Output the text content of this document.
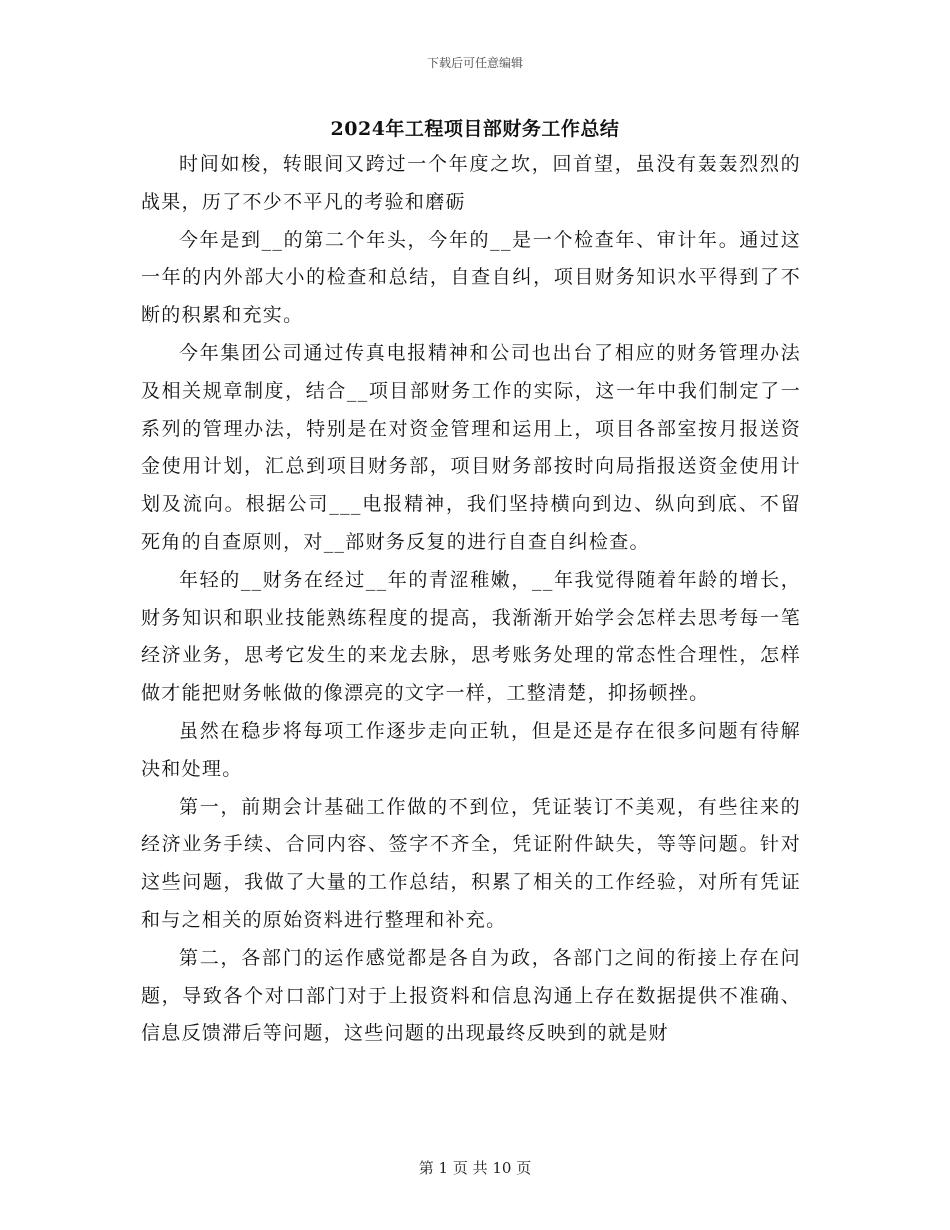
下载后可任意编辑
2024年工程项目部财务工作总结

时间如梭，转眼间又跨过一个年度之坎，回首望，虽没有轰轰烈烈的战果，历了不少不平凡的考验和磨砺

今年是到__的第二个年头，今年的__是一个检查年、审计年。通过这一年的内外部大小的检查和总结，自查自纠，项目财务知识水平得到了不断的积累和充实。

今年集团公司通过传真电报精神和公司也出台了相应的财务管理办法及相关规章制度，结合__项目部财务工作的实际，这一年中我们制定了一系列的管理办法，特别是在对资金管理和运用上，项目各部室按月报送资金使用计划，汇总到项目财务部，项目财务部按时向局指报送资金使用计划及流向。根据公司___电报精神，我们坚持横向到边、纵向到底、不留死角的自查原则，对__部财务反复的进行自查自纠检查。

年轻的__财务在经过__年的青涩稚嫩，__年我觉得随着年龄的增长，财务知识和职业技能熟练程度的提高，我渐渐开始学会怎样去思考每一笔经济业务，思考它发生的来龙去脉，思考账务处理的常态性合理性，怎样做才能把财务帐做的像漂亮的文字一样，工整清楚，抑扬顿挫。

虽然在稳步将每项工作逐步走向正轨，但是还是存在很多问题有待解决和处理。

第一，前期会计基础工作做的不到位，凭证装订不美观，有些往来的经济业务手续、合同内容、签字不齐全，凭证附件缺失，等等问题。针对这些问题，我做了大量的工作总结，积累了相关的工作经验，对所有凭证和与之相关的原始资料进行整理和补充。

第二，各部门的运作感觉都是各自为政，各部门之间的衔接上存在问题，导致各个对口部门对于上报资料和信息沟通上存在数据提供不准确、信息反馈滞后等问题，这些问题的出现最终反映到的就是财

第 1 页 共 10 页
